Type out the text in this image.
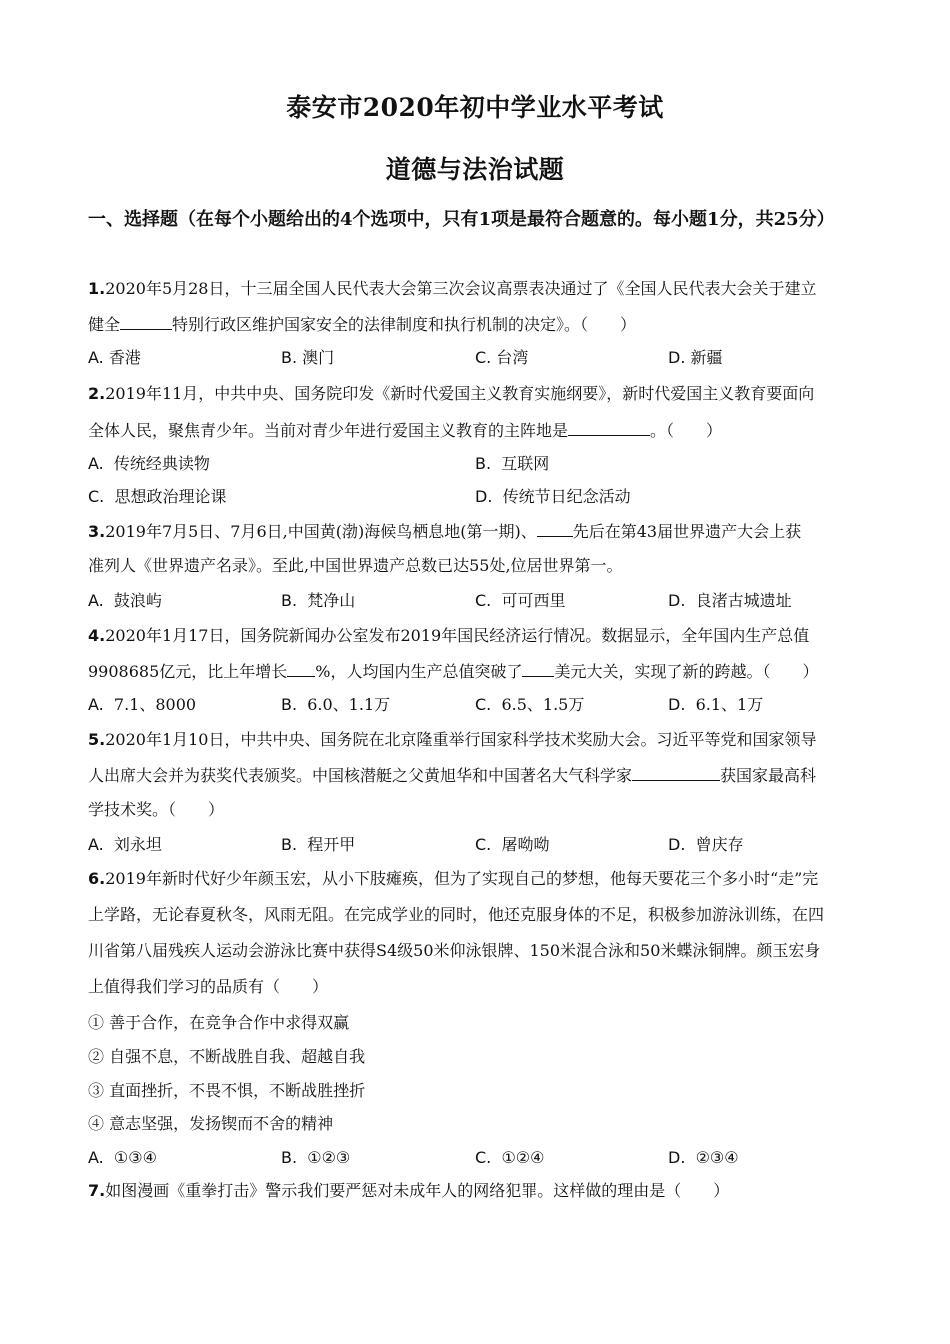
泰安市2020年初中学业水平考试
道德与法治试题
一、选择题（在每个小题给出的4个选项中，只有1项是最符合题意的。每小题1分，共25分）
1.2020年5月28日，十三届全国人民代表大会第三次会议高票表决通过了《全国人民代表大会关于建立
健全	特别行政区维护国家安全的法律制度和执行机制的决定》。（　　）
A. 香港	B. 澳门	C. 台湾	D. 新疆
2.2019年11月，中共中央、国务院印发《新时代爱国主义教育实施纲要》，新时代爱国主义教育要面向
全体人民，聚焦青少年。当前对青少年进行爱国主义教育的主阵地是	。（　　）
A. 传统经典读物	B. 互联网
C. 思想政治理论课	D. 传统节日纪念活动
3.2019年7月5日、7月6日,中国黄(渤)海候鸟栖息地(第一期)、 先后在第43届世界遗产大会上获
准列人《世界遗产名录》。至此,中国世界遗产总数已达55处,位居世界第一。
A. 鼓浪屿	B. 梵净山	C. 可可西里	D. 良渚古城遗址
4.2020年1月17日，国务院新闻办公室发布2019年国民经济运行情况。数据显示，全年国内生产总值
9908685亿元，比上年增长 %，人均国内生产总值突破了 美元大关，实现了新的跨越。（　　）
A. 7.1、8000	B. 6.0、1.1万	C. 6.5、1.5万	D. 6.1、1万
5.2020年1月10日，中共中央、国务院在北京隆重举行国家科学技术奖励大会。习近平等党和国家领导
人出席大会并为获奖代表颁奖。中国核潜艇之父黄旭华和中国著名大气科学家	获国家最高科
学技术奖。（　　）
A. 刘永坦	B. 程开甲	C. 屠呦呦	D. 曾庆存
6.2019年新时代好少年颜玉宏，从小下肢瘫痪，但为了实现自己的梦想，他每天要花三个多小时“走”完
上学路，无论春夏秋冬，风雨无阻。在完成学业的同时，他还克服身体的不足，积极参加游泳训练，在四
川省第八届残疾人运动会游泳比赛中获得S4级50米仰泳银牌、150米混合泳和50米蝶泳铜牌。颜玉宏身
上值得我们学习的品质有（　　）
① 善于合作，在竞争合作中求得双赢
② 自强不息，不断战胜自我、超越自我
③ 直面挫折，不畏不惧，不断战胜挫折
④ 意志坚强，发扬锲而不舍的精神
A. ①③④	B. ①②③	C. ①②④	D. ②③④
7.如图漫画《重拳打击》警示我们要严惩对未成年人的网络犯罪。这样做的理由是（　　）
